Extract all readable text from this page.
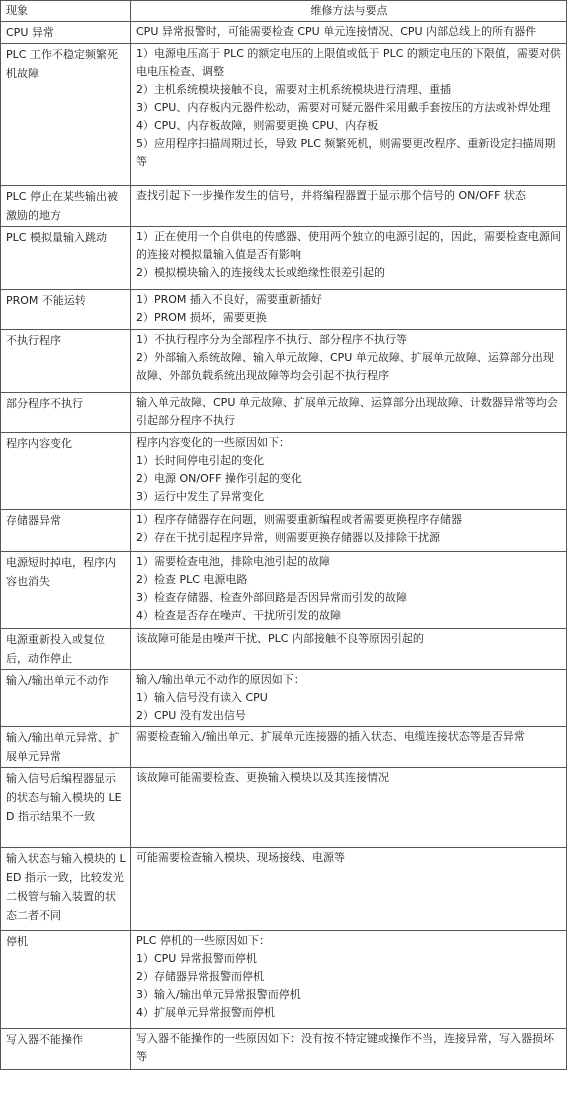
现象	维修方法与要点
CPU 异常	CPU 异常报警时，可能需要检查 CPU 单元连接情况、CPU 内部总线上的所有器件

PLC 工作不稳定频繁死机故障	1）电源电压高于 PLC 的额定电压的上限值或低于 PLC 的额定电压的下限值，需要对供电电压检查、调整
2）主机系统模块接触不良，需要对主机系统模块进行清理、重插
3）CPU、内存板内元器件松动，需要对可疑元器件采用戴手套按压的方法或补焊处理
4）CPU、内存板故障，则需要更换 CPU、内存板
5）应用程序扫描周期过长，导致 PLC 频繁死机，则需要更改程序、重新设定扫描周期等

PLC 停止在某些输出被激励的地方	查找引起下一步操作发生的信号，并将编程器置于显示那个信号的 ON/OFF 状态

PLC 模拟量输入跳动	1）正在使用一个自供电的传感器、使用两个独立的电源引起的，因此，需要检查电源间的连接对模拟量输入值是否有影响
2）模拟模块输入的连接线太长或绝缘性很差引起的

PROM 不能运转	1）PROM 插入不良好，需要重新插好
2）PROM 损坏，需要更换

不执行程序	1）不执行程序分为全部程序不执行、部分程序不执行等
2）外部输入系统故障、输入单元故障、CPU 单元故障、扩展单元故障、运算部分出现故障、外部负载系统出现故障等均会引起不执行程序

部分程序不执行	输入单元故障、CPU 单元故障、扩展单元故障、运算部分出现故障、计数器异常等均会引起部分程序不执行

程序内容变化	程序内容变化的一些原因如下：
1）长时间停电引起的变化
2）电源 ON/OFF 操作引起的变化
3）运行中发生了异常变化

存储器异常	1）程序存储器存在问题，则需要重新编程或者需要更换程序存储器
2）存在干扰引起程序异常，则需要更换存储器以及排除干扰源

电源短时掉电，程序内容也消失	1）需要检查电池，排除电池引起的故障
2）检查 PLC 电源电路
3）检查存储器、检查外部回路是否因异常而引发的故障
4）检查是否存在噪声、干扰所引发的故障

电源重新投入或复位后，动作停止	该故障可能是由噪声干扰、PLC 内部接触不良等原因引起的

输入/输出单元不动作	输入/输出单元不动作的原因如下：
1）输入信号没有读入 CPU
2）CPU 没有发出信号

输入/输出单元异常、扩展单元异常	需要检查输入/输出单元、扩展单元连接器的插入状态、电缆连接状态等是否异常

输入信号后编程器显示的状态与输入模块的 LED 指示结果不一致	该故障可能需要检查、更换输入模块以及其连接情况

输入状态与输入模块的 LED 指示一致，比较发光二极管与输入装置的状态二者不同	可能需要检查输入模块、现场接线、电源等

停机	PLC 停机的一些原因如下：
1）CPU 异常报警而停机
2）存储器异常报警而停机
3）输入/输出单元异常报警而停机
4）扩展单元异常报警而停机

写入器不能操作	写入器不能操作的一些原因如下：没有按不特定键或操作不当，连接异常，写入器损坏等
